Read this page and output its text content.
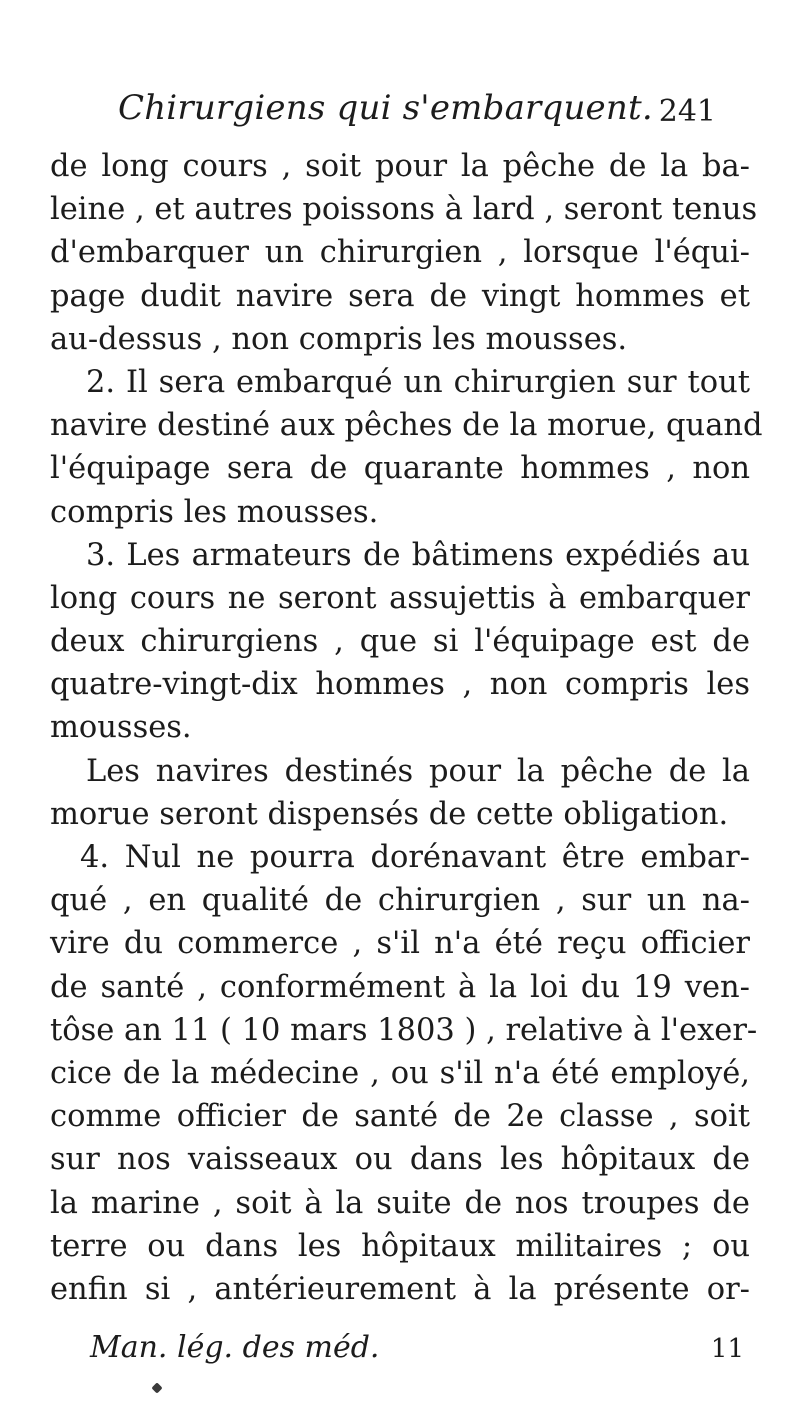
Chirurgiens qui s'embarquent. 241
de long cours , soit pour la pêche de la ba-
leine , et autres poissons à lard , seront tenus
d'embarquer un chirurgien , lorsque l'équi-
page dudit navire sera de vingt hommes et
au-dessus , non compris les mousses.
2. Il sera embarqué un chirurgien sur tout
navire destiné aux pêches de la morue, quand
l'équipage sera de quarante hommes , non
compris les mousses.
3. Les armateurs de bâtimens expédiés au
long cours ne seront assujettis à embarquer
deux chirurgiens , que si l'équipage est de
quatre-vingt-dix hommes , non compris les
mousses.
Les navires destinés pour la pêche de la
morue seront dispensés de cette obligation.
4. Nul ne pourra dorénavant être embar-
qué , en qualité de chirurgien , sur un na-
vire du commerce , s'il n'a été reçu officier
de santé , conformément à la loi du 19 ven-
tôse an 11 ( 10 mars 1803 ) , relative à l'exer-
cice de la médecine , ou s'il n'a été employé,
comme officier de santé de 2e classe , soit
sur nos vaisseaux ou dans les hôpitaux de
la marine , soit à la suite de nos troupes de
terre ou dans les hôpitaux militaires ; ou
enfin si , antérieurement à la présente or-
Man. lég. des méd.	11
